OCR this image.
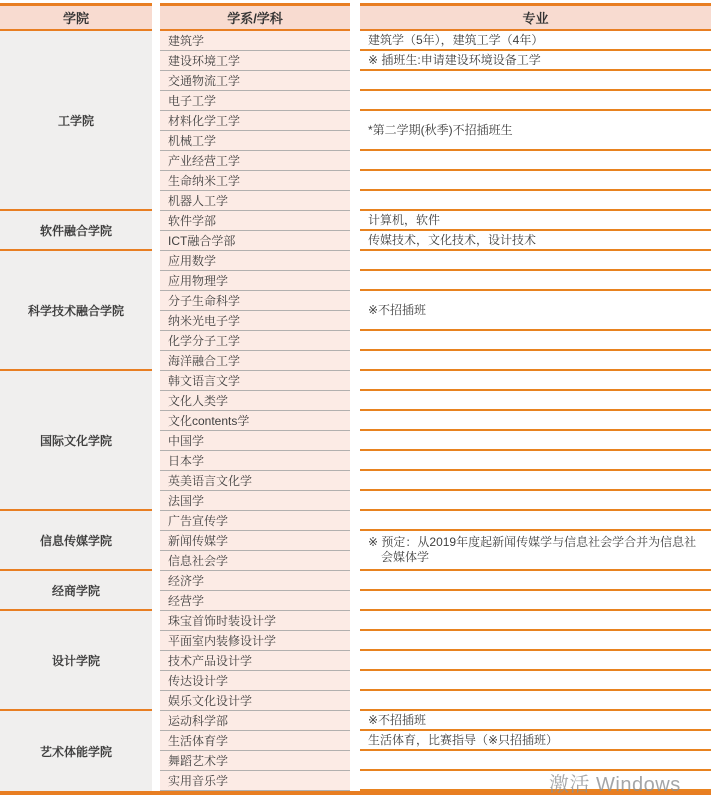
学院
工学院
软件融合学院
科学技术融合学院
国际文化学院
信息传媒学院
经商学院
设计学院
艺术体能学院
学系/学科
建筑学
建设环境工学
交通物流工学
电子工学
材料化学工学
机械工学
产业经营工学
生命纳米工学
机器人工学
软件学部
ICT融合学部
应用数学
应用物理学
分子生命科学
纳米光电子学
化学分子工学
海洋融合工学
韩文语言文学
文化人类学
文化contents学
中国学
日本学
英美语言文化学
法国学
广告宣传学
新闻传媒学
信息社会学
经济学
经营学
珠宝首饰时装设计学
平面室内装修设计学
技术产品设计学
传达设计学
娱乐文化设计学
运动科学部
生活体育学
舞蹈艺术学
实用音乐学
专业
建筑学（5年），建筑工学（4年）
※ 插班生:申请建设环境设备工学
*第二学期(秋季)不招插班生
计算机，软件
传媒技术，文化技术，设计技术
※不招插班
※ 预定：从2019年度起新闻传媒学与信息社会学合并为信息社会媒体学
※不招插班
生活体育，比赛指导（※只招插班）
激活 Windows
